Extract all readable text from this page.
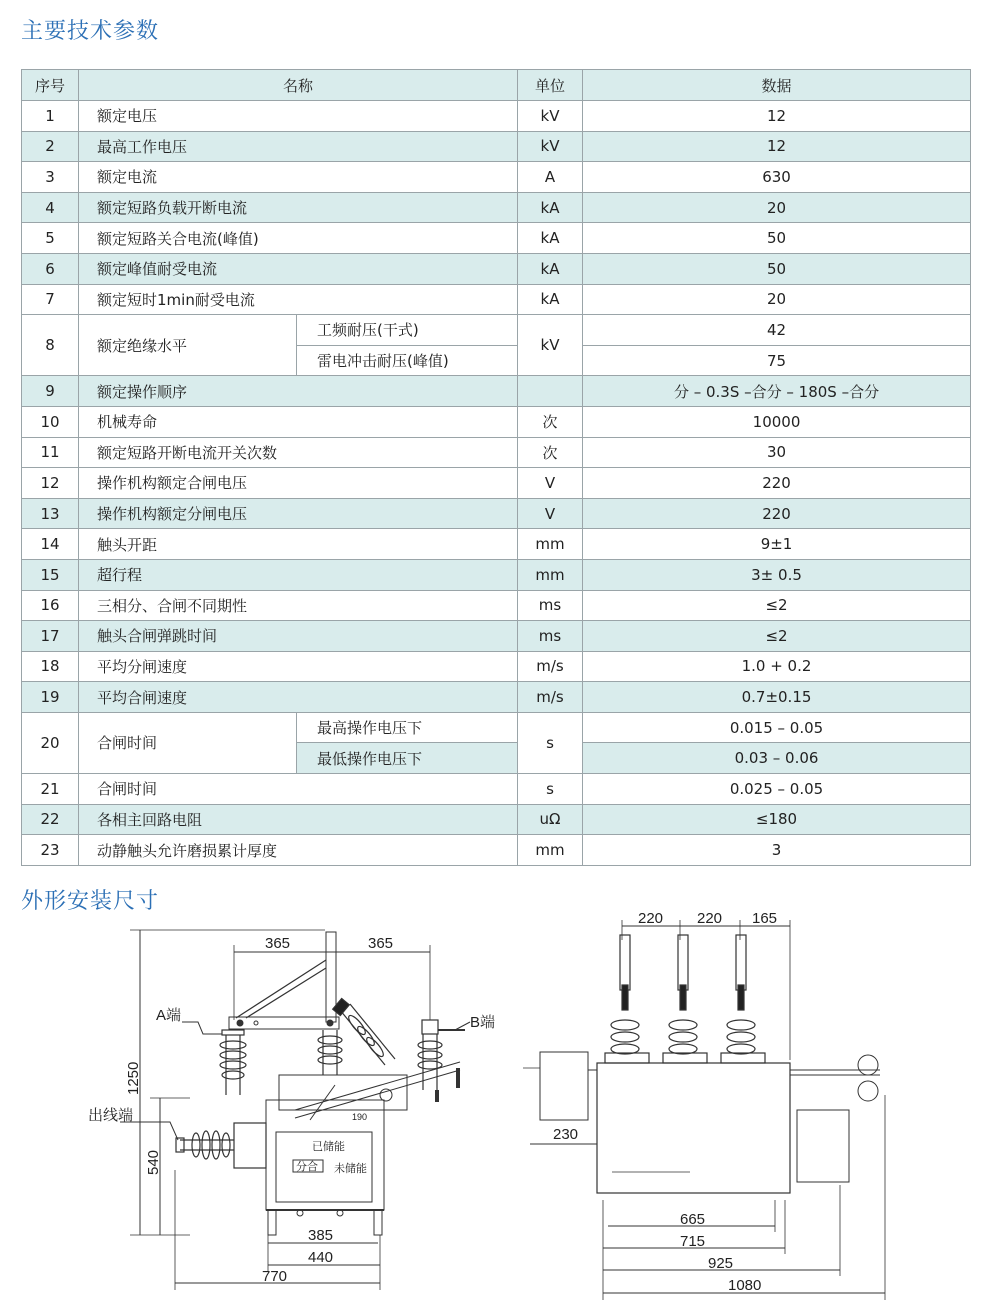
主要技术参数
序号	名称		单位	数据
1	额定电压		kV	12
2	最高工作电压		kV	12
3	额定电流		A	630
4	额定短路负载开断电流		kA	20
5	额定短路关合电流(峰值)		kA	50
6	额定峰值耐受电流		kA	50
7	额定短时1min耐受电流		kA	20
8	额定绝缘水平	工频耐压(干式)	kV	42
		雷电冲击耐压(峰值)		75
9	额定操作顺序			分 – 0.3S –合分 – 180S –合分
10	机械寿命		次	10000
11	额定短路开断电流开关次数		次	30
12	操作机构额定合闸电压		V	220
13	操作机构额定分闸电压		V	220
14	触头开距		mm	9±1
15	超行程		mm	3± 0.5
16	三相分、合闸不同期性		ms	≤2
17	触头合闸弹跳时间		ms	≤2
18	平均分闸速度		m/s	1.0 + 0.2
19	平均合闸速度		m/s	0.7±0.15
20	合闸时间	最高操作电压下	s	0.015 – 0.05
		最低操作电压下		0.03 – 0.06
21	合闸时间		s	0.025 – 0.05
22	各相主回路电阻		uΩ	≤180
23	动静触头允许磨损累计厚度		mm	3
外形安装尺寸
365	365
A端	B端
1250
出线端
540
190
已储能
分合 未储能
385
440
770
220 220 165
230
665
715
925
1080
